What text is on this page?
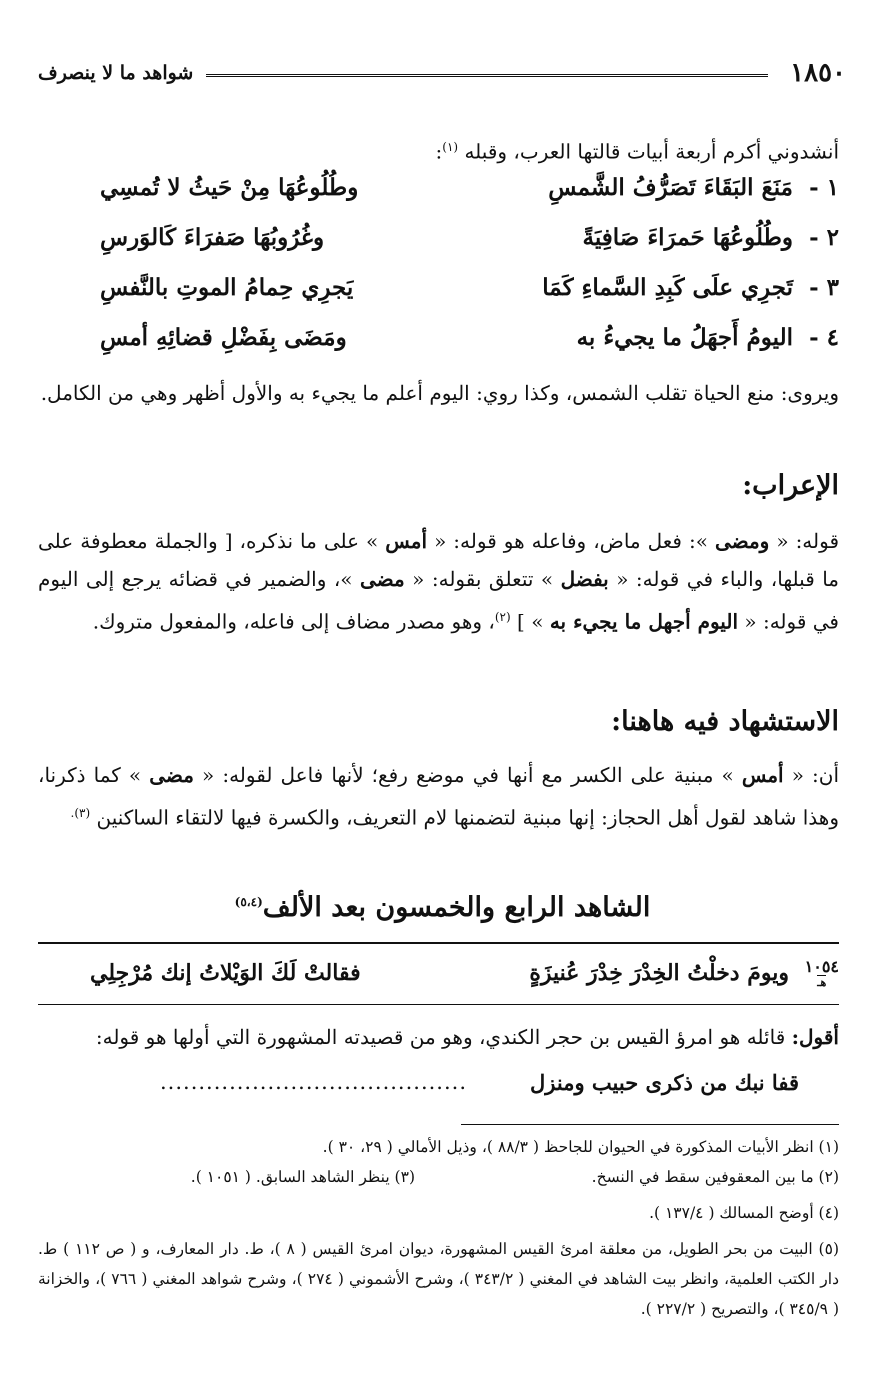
١٨٥٠
شواهد ما لا ينصرف
أنشدوني أكرم أربعة أبيات قالتها العرب، وقبله $^{(١)}$:
١ -
مَنَعَ البَقَاءَ تَصَرُّفُ الشَّمسِ
وطُلُوعُهَا مِنْ حَيثُ لا تُمسِي
٢ -
وطُلُوعُهَا حَمرَاءَ صَافِيَةً
وغُرُوبُهَا صَفرَاءَ كَالوَرسِ
٣ -
تَجرِي علَى كَبِدِ السَّماءِ كَمَا
يَجرِي حِمامُ الموتِ بالنَّفسِ
٤ -
اليومُ أَجهَلُ ما يجيءُ به
ومَضَى بِفَضْلِ قضائِهِ أمسِ
ويروى: منع الحياة تقلب الشمس، وكذا روي: اليوم أعلم ما يجيء به والأول أظهر وهي من الكامل.
الإعراب:
قوله: « ومضى »: فعل ماض، وفاعله هو قوله: « أمس » على ما نذكره، [ والجملة معطوفة على ما قبلها، والباء في قوله: « بفضل » تتعلق بقوله: « مضى »، والضمير في قضائه يرجع إلى اليوم في قوله: « اليوم أجهل ما يجيء به » ] $^{(٢)}$، وهو مصدر مضاف إلى فاعله، والمفعول متروك.
الاستشهاد فيه هاهنا:
أن: « أمس » مبنية على الكسر مع أنها في موضع رفع؛ لأنها فاعل لقوله: « مضى » كما ذكرنا، وهذا شاهد لقول أهل الحجاز: إنها مبنية لتضمنها لام التعريف، والكسرة فيها لالتقاء الساكنين $^{(٣).}$
الشاهد الرابع والخمسون بعد الألف$^{(٥،٤)}$
١٠٥٤
هـ
ويومَ دخلْتُ الخِدْرَ خِدْرَ عُنيزَةٍ
فقالتْ لَكَ الوَيْلاتُ إنك مُرْجِلِي
أقول: قائله هو امرؤ القيس بن حجر الكندي، وهو من قصيدته المشهورة التي أولها هو قوله:
قفا نبك من ذكرى حبيب ومنزل
........................................
(١) انظر الأبيات المذكورة في الحيوان للجاحظ ( ٨٨/٣ )، وذيل الأمالي ( ٢٩، ٣٠ ).
(٢) ما بين المعقوفين سقط في النسخ.
(٣) ينظر الشاهد السابق. ( ١٠٥١ ).
(٤) أوضح المسالك ( ١٣٧/٤ ).
(٥) البيت من بحر الطويل، من معلقة امرئ القيس المشهورة، ديوان امرئ القيس ( ٨ )، ط. دار المعارف، و ( ص ١١٢ ) ط. دار الكتب العلمية، وانظر بيت الشاهد في المغني ( ٣٤٣/٢ )، وشرح الأشموني ( ٢٧٤ )، وشرح شواهد المغني ( ٧٦٦ )، والخزانة ( ٣٤٥/٩ )، والتصريح ( ٢٢٧/٢ ).
